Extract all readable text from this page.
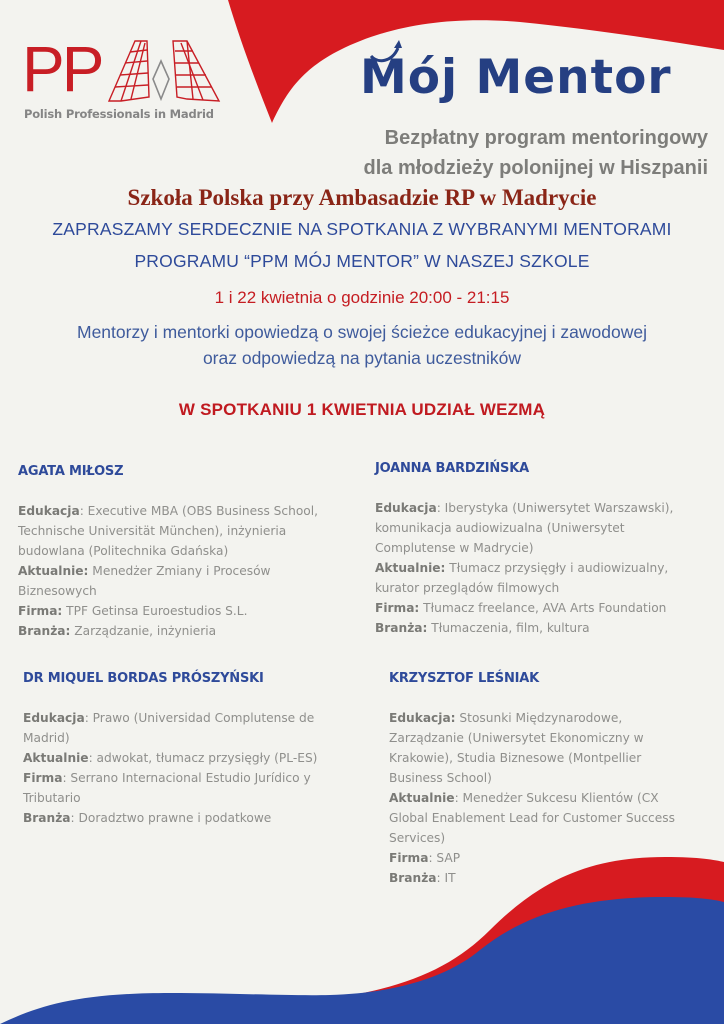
PP
Polish Professionals in Madrid
Mój Mentor
Bezpłatny program mentoringowy
dla młodzieży polonijnej w Hiszpanii
Szkoła Polska przy Ambasadzie RP w Madrycie
ZAPRASZAMY SERDECZNIE NA SPOTKANIA Z WYBRANYMI MENTORAMI
PROGRAMU “PPM MÓJ MENTOR” W NASZEJ SZKOLE
1 i 22 kwietnia o godzinie 20:00 - 21:15
Mentorzy i mentorki opowiedzą o swojej ścieżce edukacyjnej i zawodowej
oraz odpowiedzą na pytania uczestników
W SPOTKANIU 1 KWIETNIA UDZIAŁ WEZMĄ
AGATA MIŁOSZ
Edukacja: Executive MBA (OBS Business School,
Technische Universität München), inżynieria
budowlana (Politechnika Gdańska)
Aktualnie: Menedżer Zmiany i Procesów
Biznesowych
Firma: TPF Getinsa Euroestudios S.L.
Branża: Zarządzanie, inżynieria
JOANNA BARDZIŃSKA
Edukacja: Iberystyka (Uniwersytet Warszawski),
komunikacja audiowizualna (Uniwersytet
Complutense w Madrycie)
Aktualnie: Tłumacz przysięgły i audiowizualny,
kurator przeglądów filmowych
Firma: Tłumacz freelance, AVA Arts Foundation
Branża: Tłumaczenia, film, kultura
DR MIQUEL BORDAS PRÓSZYŃSKI
Edukacja: Prawo (Universidad Complutense de
Madrid)
Aktualnie: adwokat, tłumacz przysięgły (PL-ES)
Firma: Serrano Internacional Estudio Jurídico y
Tributario
Branża: Doradztwo prawne i podatkowe
KRZYSZTOF LEŚNIAK
Edukacja: Stosunki Międzynarodowe,
Zarządzanie (Uniwersytet Ekonomiczny w
Krakowie), Studia Biznesowe (Montpellier
Business School)
Aktualnie: Menedżer Sukcesu Klientów (CX
Global Enablement Lead for Customer Success
Services)
Firma: SAP
Branża: IT
